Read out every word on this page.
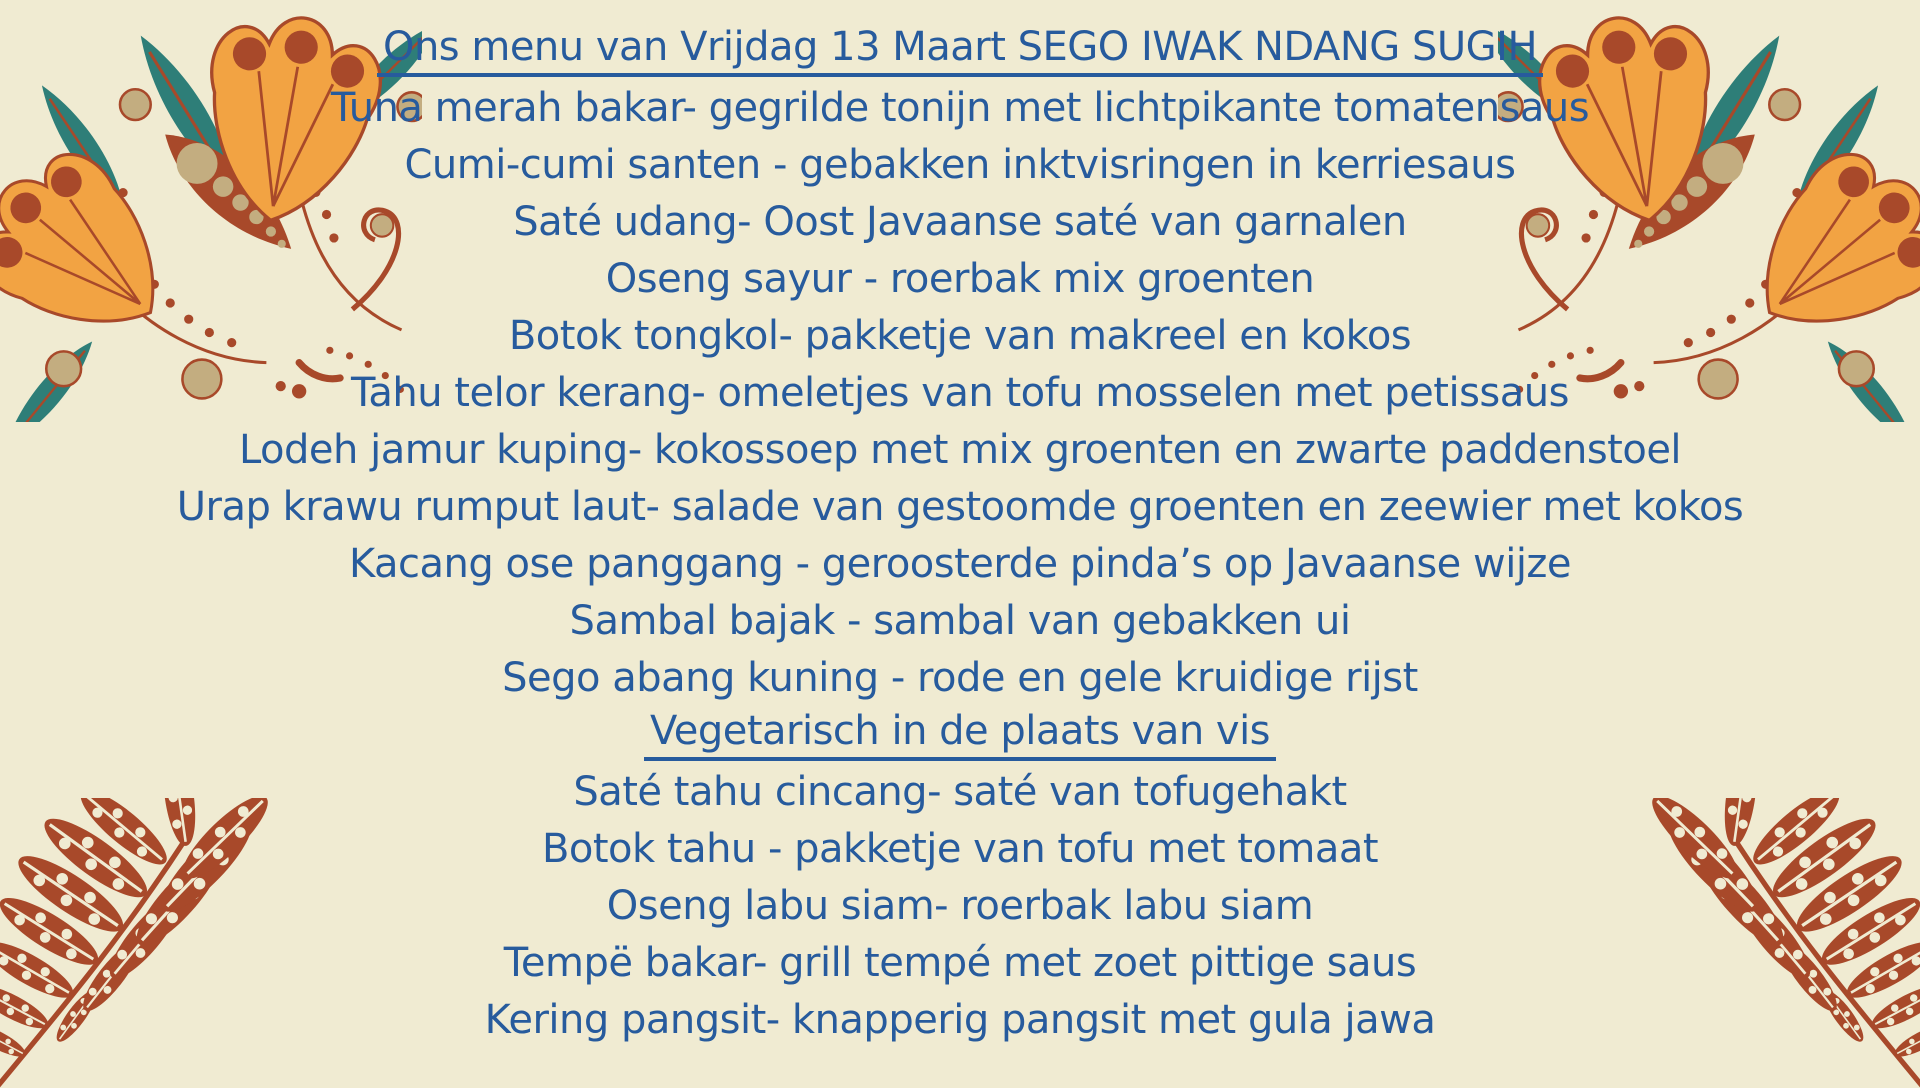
Ons menu van Vrijdag 13 Maart SEGO IWAK NDANG SUGIH
Tuna merah bakar- gegrilde tonijn met lichtpikante tomatensaus
Cumi-cumi santen - gebakken inktvisringen in kerriesaus
Saté udang- Oost Javaanse saté van garnalen
Oseng sayur - roerbak mix groenten
Botok tongkol- pakketje van makreel en kokos
Tahu telor kerang- omeletjes van tofu mosselen met petissaus
Lodeh jamur kuping- kokossoep met mix groenten en zwarte paddenstoel
Urap krawu rumput laut- salade van gestoomde groenten en zeewier met kokos
Kacang ose panggang - geroosterde pinda’s op Javaanse wijze
Sambal bajak - sambal van gebakken ui
Sego abang kuning - rode en gele kruidige rijst
Vegetarisch in de plaats van vis
Saté tahu cincang- saté van tofugehakt
Botok tahu - pakketje van tofu met tomaat
Oseng labu siam- roerbak labu siam
Tempë bakar- grill tempé met zoet pittige saus
Kering pangsit- knapperig pangsit met gula jawa
